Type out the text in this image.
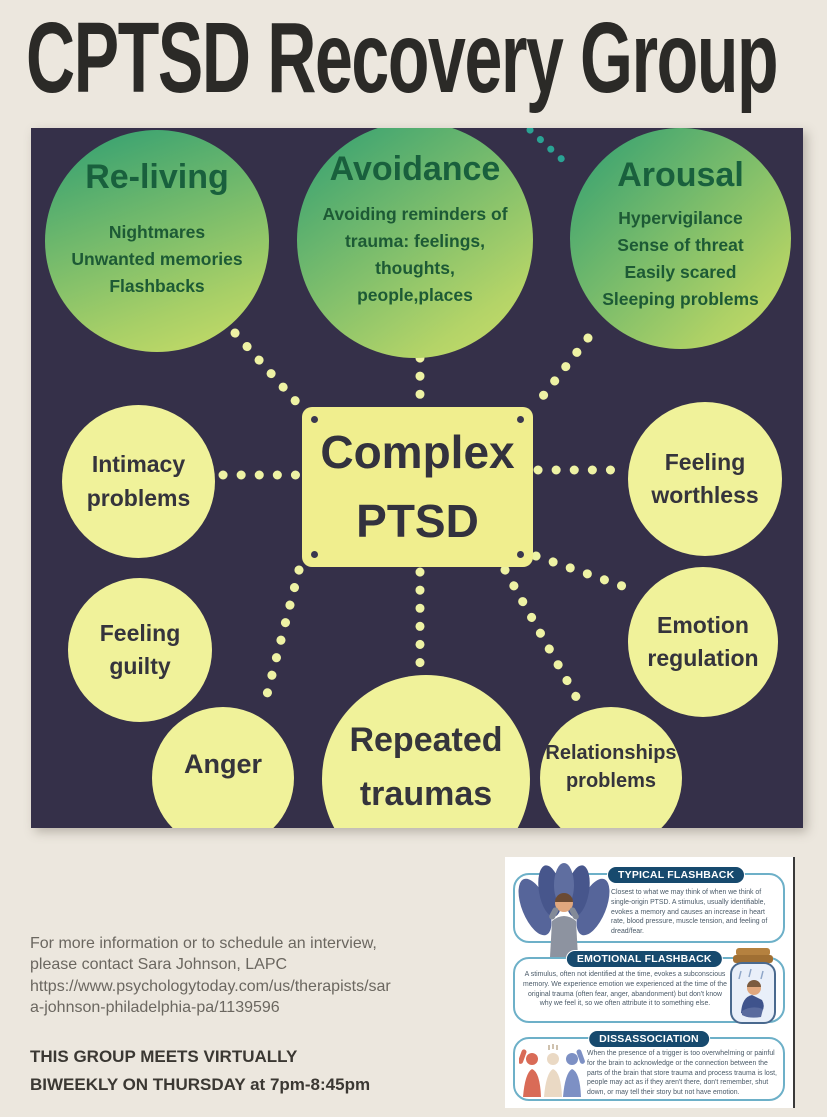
CPTSD Recovery Group
Re-living
Nightmares
Unwanted memories
Flashbacks
Avoidance
Avoiding reminders of
trauma: feelings,
thoughts,
people,places
Arousal
Hypervigilance
Sense of threat
Easily scared
Sleeping problems
Complex
PTSD
Intimacy
problems
Feeling
worthless
Feeling
guilty
Emotion
regulation
Anger
Repeated
traumas
Relationships
problems
For more information or to schedule an interview, please contact Sara Johnson, LAPC https://www.psychologytoday.com/us/therapists/sara-johnson-philadelphia-pa/1139596
THIS GROUP MEETS VIRTUALLY
BIWEEKLY ON THURSDAY at 7pm-8:45pm
TYPICAL FLASHBACK

Closest to what we may think of when we think of single-origin PTSD. A stimulus, usually identifiable, evokes a memory and causes an increase in heart rate, blood pressure, muscle tension, and feeling of dread/fear.

EMOTIONAL FLASHBACK

A stimulus, often not identified at the time, evokes a subconscious memory. We experience emotion we experienced at the time of the original trauma (often fear, anger, abandonment) but don't know why we feel it, so we often attribute it to something else.

DISSASSOCIATION

When the presence of a trigger is too overwhelming or painful for the brain to acknowledge or the connection between the parts of the brain that store trauma and process trauma is lost, people may act as if they aren't there, don't remember, shut down, or may tell their story but not have emotion.
